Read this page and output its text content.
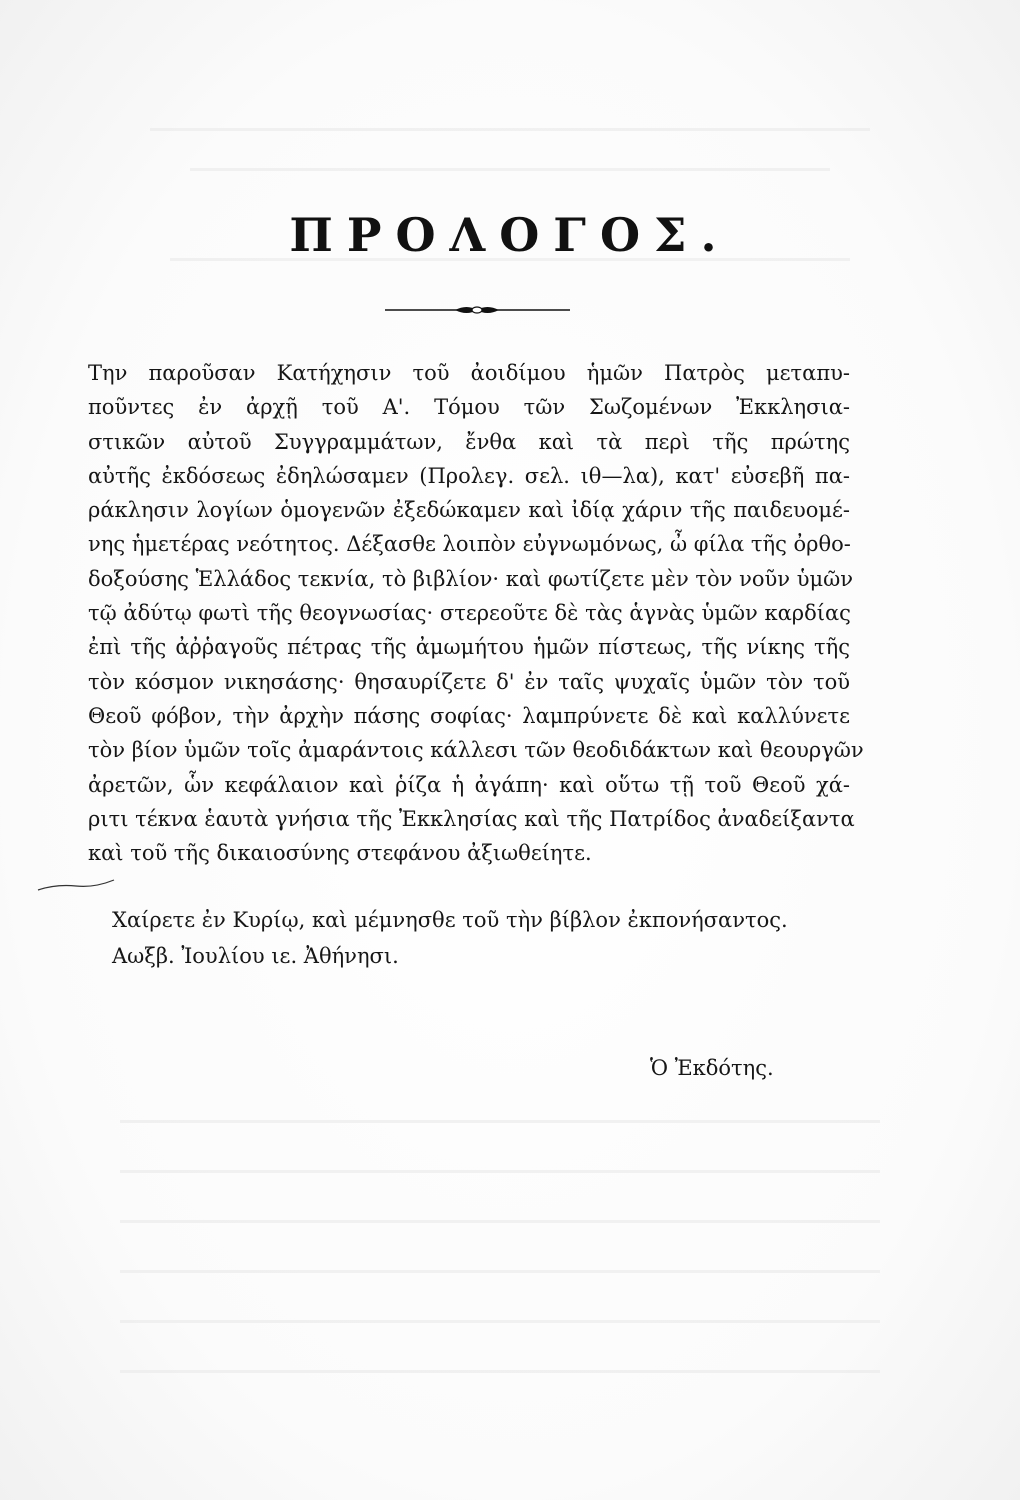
ΠΡΟΛΟΓΟΣ.
Την παροῦσαν Κατήχησιν τοῦ ἀοιδίμου ἡμῶν Πατρὸς μεταπυ-
ποῦντες ἐν ἀρχῇ τοῦ Α'. Τόμου τῶν Σωζομένων Ἐκκλησια-
στικῶν αὐτοῦ Συγγραμμάτων, ἔνθα καὶ τὰ περὶ τῆς πρώτης
αὐτῆς ἐκδόσεως ἐδηλώσαμεν (Προλεγ. σελ. ιθ—λα), κατ' εὐσεβῆ πα-
ράκλησιν λογίων ὁμογενῶν ἐξεδώκαμεν καὶ ἰδίᾳ χάριν τῆς παιδευομέ-
νης ἡμετέρας νεότητος. Δέξασθε λοιπὸν εὐγνωμόνως, ὦ φίλα τῆς ὀρθο-
δοξούσης Ἑλλάδος τεκνία, τὸ βιβλίον· καὶ φωτίζετε μὲν τὸν νοῦν ὑμῶν
τῷ ἀδύτῳ φωτὶ τῆς θεογνωσίας· στερεοῦτε δὲ τὰς ἁγνὰς ὑμῶν καρδίας
ἐπὶ τῆς ἀῤῥαγοῦς πέτρας τῆς ἀμωμήτου ἡμῶν πίστεως, τῆς νίκης τῆς
τὸν κόσμον νικησάσης· θησαυρίζετε δ' ἐν ταῖς ψυχαῖς ὑμῶν τὸν τοῦ
Θεοῦ φόβον, τὴν ἀρχὴν πάσης σοφίας· λαμπρύνετε δὲ καὶ καλλύνετε
τὸν βίον ὑμῶν τοῖς ἀμαράντοις κάλλεσι τῶν θεοδιδάκτων καὶ θεουργῶν
ἀρετῶν, ὧν κεφάλαιον καὶ ῥίζα ἡ ἀγάπη· καὶ οὕτω τῇ τοῦ Θεοῦ χά-
ριτι τέκνα ἑαυτὰ γνήσια τῆς Ἐκκλησίας καὶ τῆς Πατρίδος ἀναδείξαντα
καὶ τοῦ τῆς δικαιοσύνης στεφάνου ἀξιωθείητε.
Χαίρετε ἐν Κυρίῳ, καὶ μέμνησθε τοῦ τὴν βίβλον ἐκπονήσαντος.
Αωξβ. Ἰουλίου ιε. Ἀθήνησι.
Ὁ Ἐκδότης.
